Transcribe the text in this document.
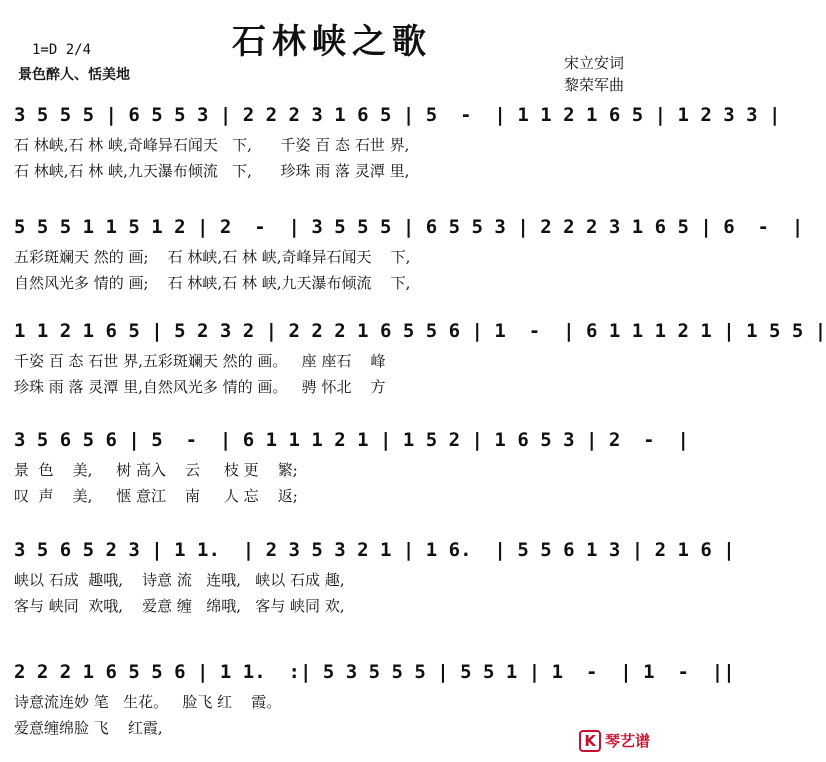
石林峡之歌
1=D 2/4
景色醉人、恬美地
宋立安词
黎荣军曲
3 5 5 5 | 6 5 5 3 | 2 2 2 3 1 6 5 | 5  -  | 1 1 2 1 6 5 | 1 2 3 3 |
石 林峡,石 林 峡,奇峰异石闻天   下,      千姿 百 态 石世 界,
石 林峡,石 林 峡,九天瀑布倾流   下,      珍珠 雨 落 灵潭 里,
5 5 5 1 1 5 1 2 | 2  -  | 3 5 5 5 | 6 5 5 3 | 2 2 2 3 1 6 5 | 6  -  |
五彩斑斓天 然的 画;    石 林峡,石 林 峡,奇峰异石闻天    下,
自然风光多 情的 画;    石 林峡,石 林 峡,九天瀑布倾流    下,
1 1 2 1 6 5 | 5 2 3 2 | 2 2 2 1 6 5 5 6 | 1  -  | 6 1 1 1 2 1 | 1 5 5 |
千姿 百 态 石世 界,五彩斑斓天 然的 画。   座 座石    峰
珍珠 雨 落 灵潭 里,自然风光多 情的 画。   骋 怀北    方
3 5 6 5 6 | 5  -  | 6 1 1 1 2 1 | 1 5 2 | 1 6 5 3 | 2  -  |
景  色    美,     树 高入    云     枝 更    繁;
叹  声    美,     惬 意江    南     人 忘    返;
3 5 6 5 2 3 | 1 1.  | 2 3 5 3 2 1 | 1 6.  | 5 5 6 1 3 | 2 1 6 |
峡以 石成  趣哦,    诗意 流   连哦,   峡以 石成 趣,
客与 峡同  欢哦,    爱意 缠   绵哦,   客与 峡同 欢,
2 2 2 1 6 5 5 6 | 1 1.  :| 5 3 5 5 5 | 5 5 1 | 1  -  | 1  -  ||
诗意流连妙 笔   生花。   脸飞 红    霞。
爱意缠绵脸 飞    红霞,
K 琴艺谱
